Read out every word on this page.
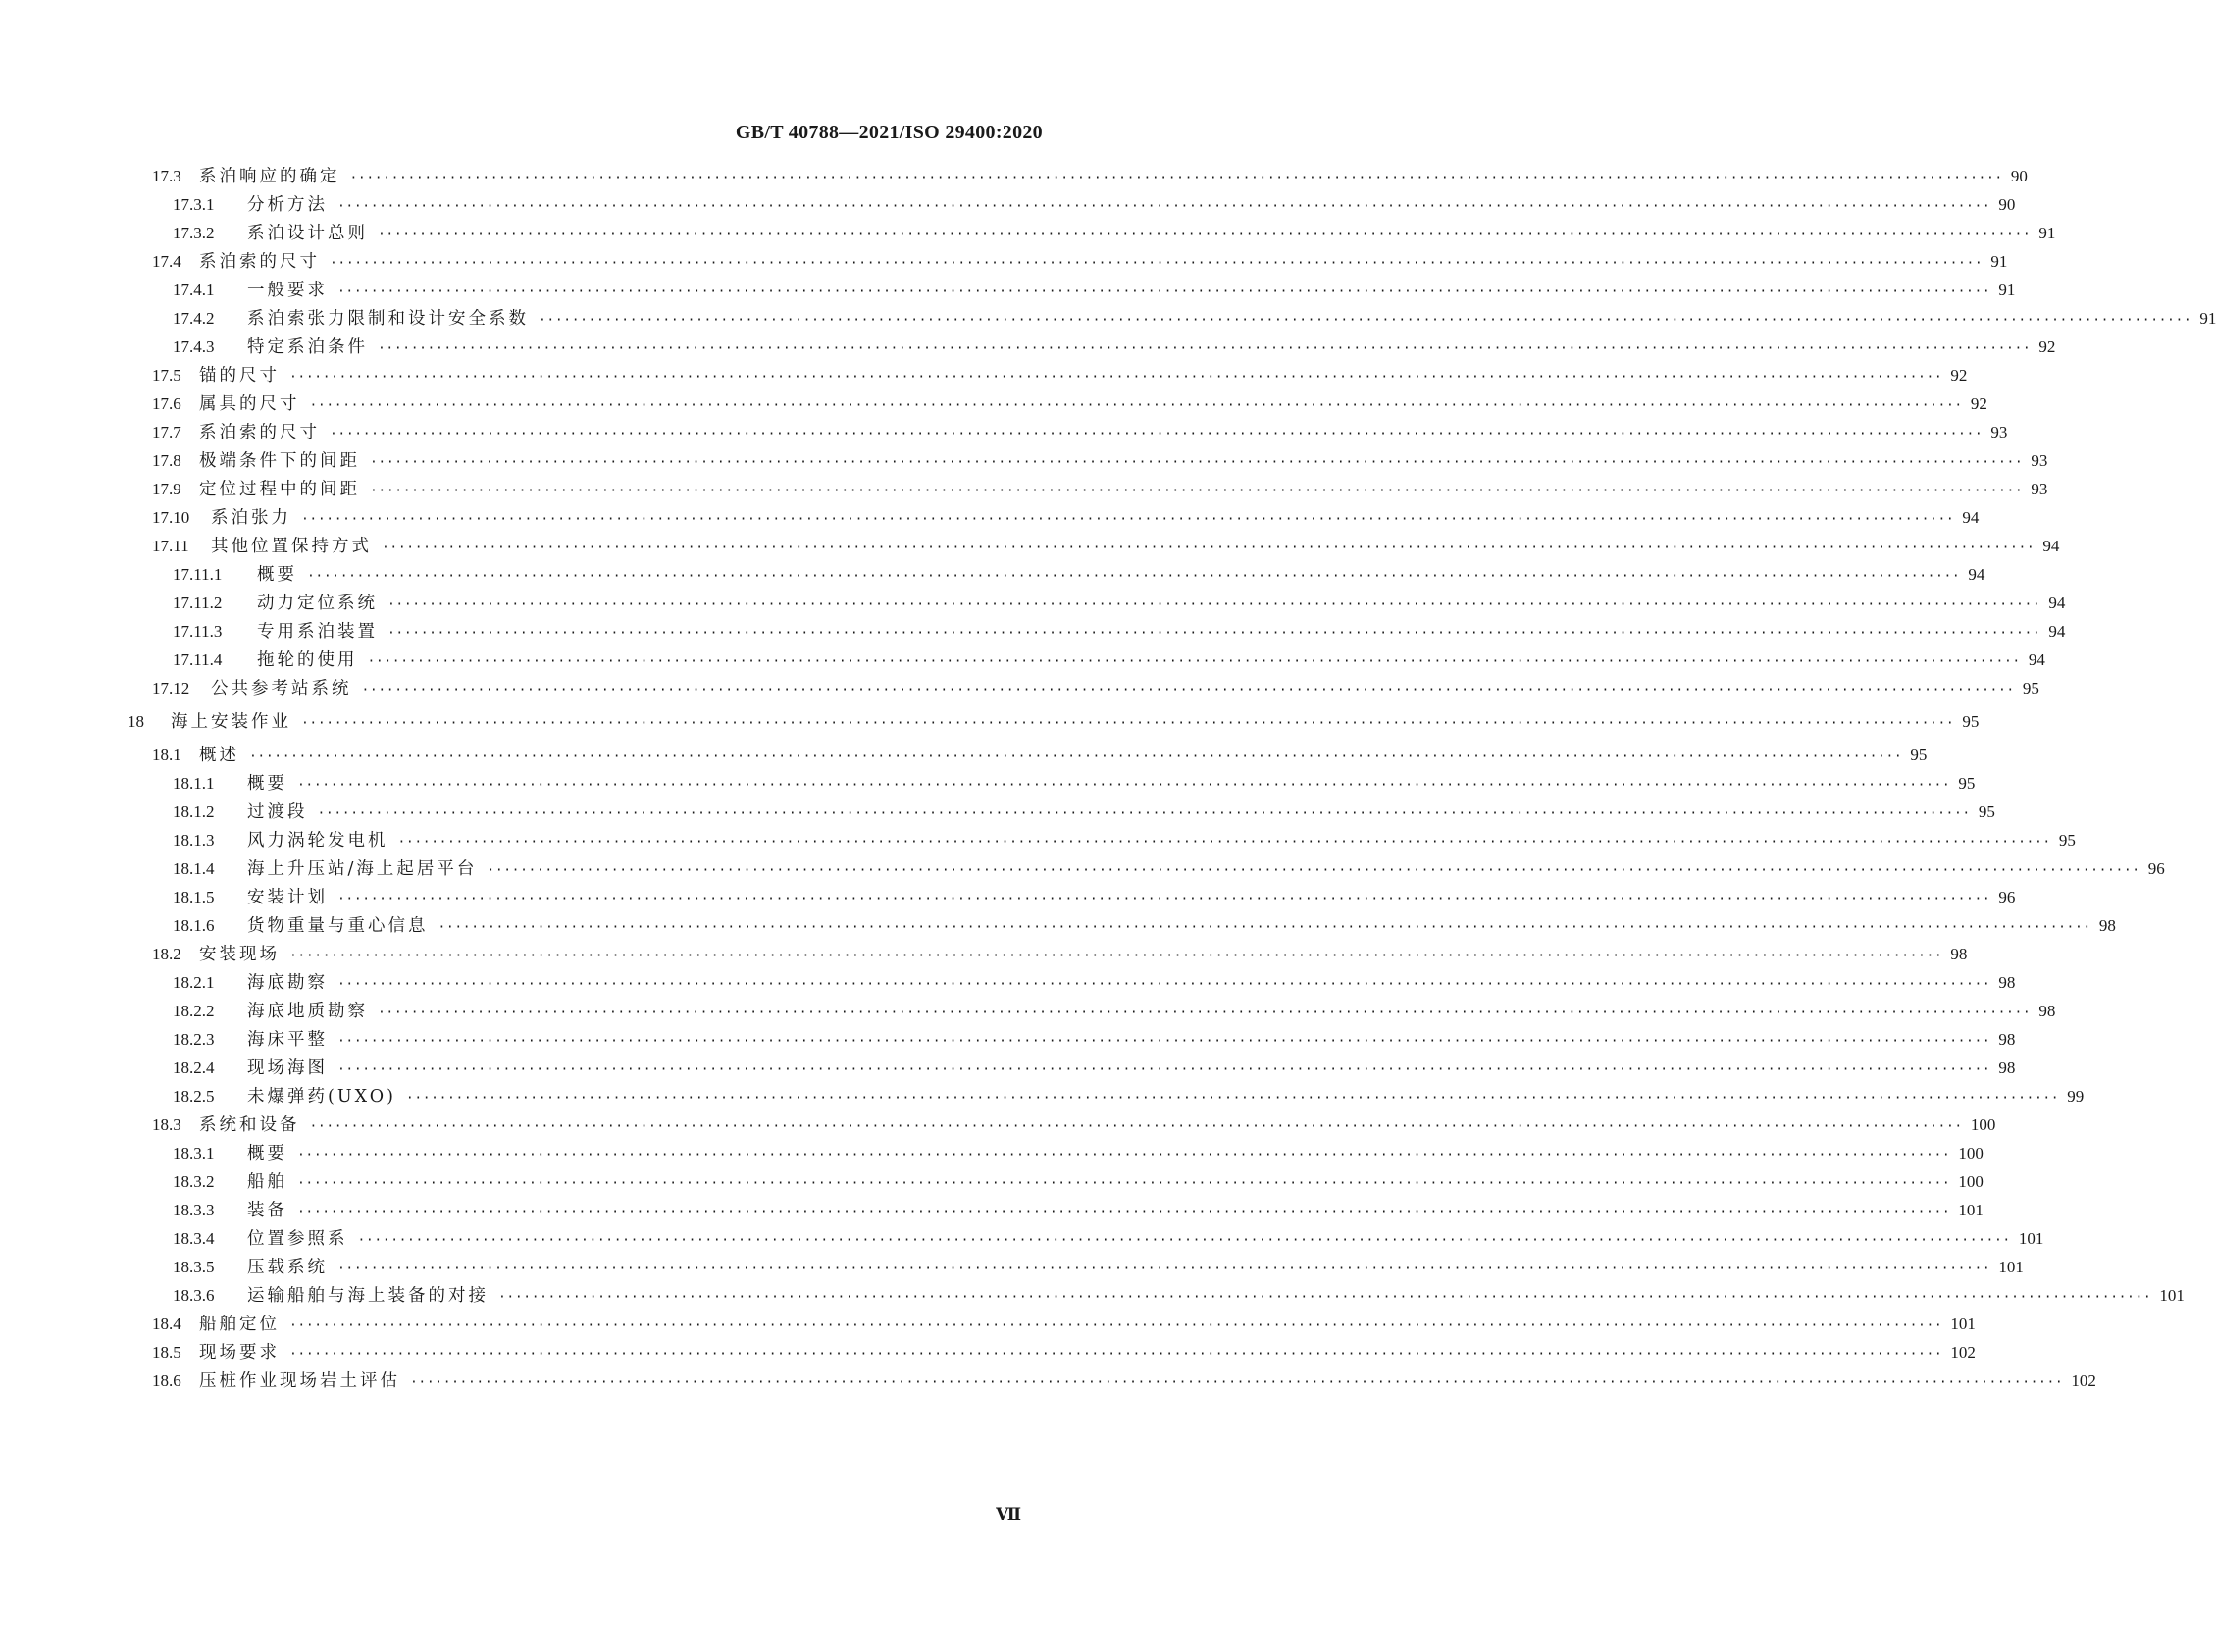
GB/T 40788—2021/ISO 29400:2020
17.3	系泊响应的确定 ········································································································································································································ 90
17.3.1	分析方法 ········································································································································································································ 90
17.3.2	系泊设计总则 ········································································································································································································ 91
17.4	系泊索的尺寸 ········································································································································································································ 91
17.4.1	一般要求 ········································································································································································································ 91
17.4.2	系泊索张力限制和设计安全系数 ········································································································································································································ 91
17.4.3	特定系泊条件 ········································································································································································································ 92
17.5	锚的尺寸 ········································································································································································································ 92
17.6	属具的尺寸 ········································································································································································································ 92
17.7	系泊索的尺寸 ········································································································································································································ 93
17.8	极端条件下的间距 ········································································································································································································ 93
17.9	定位过程中的间距 ········································································································································································································ 93
17.10	系泊张力 ········································································································································································································ 94
17.11	其他位置保持方式 ········································································································································································································ 94
17.11.1	概要 ········································································································································································································ 94
17.11.2	动力定位系统 ········································································································································································································ 94
17.11.3	专用系泊装置 ········································································································································································································ 94
17.11.4	拖轮的使用 ········································································································································································································ 94
17.12	公共参考站系统 ········································································································································································································ 95
18	海上安装作业 ········································································································································································································ 95
18.1	概述 ········································································································································································································ 95
18.1.1	概要 ········································································································································································································ 95
18.1.2	过渡段 ········································································································································································································ 95
18.1.3	风力涡轮发电机 ········································································································································································································ 95
18.1.4	海上升压站/海上起居平台 ········································································································································································································ 96
18.1.5	安装计划 ········································································································································································································ 96
18.1.6	货物重量与重心信息 ········································································································································································································ 98
18.2	安装现场 ········································································································································································································ 98
18.2.1	海底勘察 ········································································································································································································ 98
18.2.2	海底地质勘察 ········································································································································································································ 98
18.2.3	海床平整 ········································································································································································································ 98
18.2.4	现场海图 ········································································································································································································ 98
18.2.5	未爆弹药(UXO) ········································································································································································································ 99
18.3	系统和设备 ········································································································································································································ 100
18.3.1	概要 ········································································································································································································ 100
18.3.2	船舶 ········································································································································································································ 100
18.3.3	装备 ········································································································································································································ 101
18.3.4	位置参照系 ········································································································································································································ 101
18.3.5	压载系统 ········································································································································································································ 101
18.3.6	运输船舶与海上装备的对接 ········································································································································································································ 101
18.4	船舶定位 ········································································································································································································ 101
18.5	现场要求 ········································································································································································································ 102
18.6	压桩作业现场岩土评估 ········································································································································································································ 102
Ⅶ
